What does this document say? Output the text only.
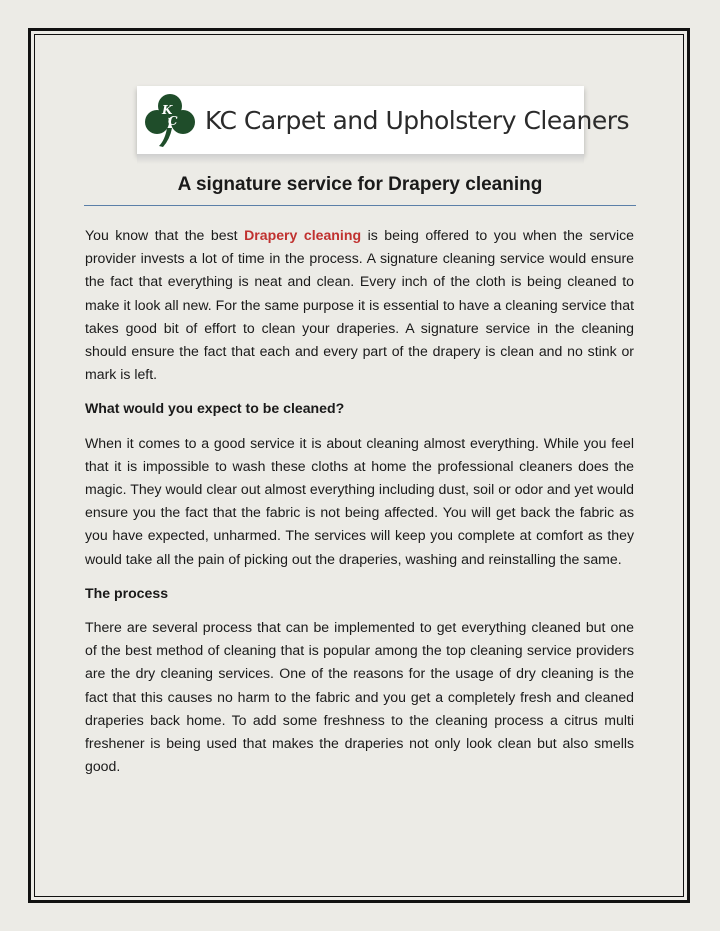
K
C KC Carpet and Upholstery Cleaners
A signature service for Drapery cleaning

You know that the best Drapery cleaning is being offered to you when the service provider invests a lot of time in the process. A signature cleaning service would ensure the fact that everything is neat and clean. Every inch of the cloth is being cleaned to make it look all new. For the same purpose it is essential to have a cleaning service that takes good bit of effort to clean your draperies. A signature service in the cleaning should ensure the fact that each and every part of the drapery is clean and no stink or mark is left.

What would you expect to be cleaned?

When it comes to a good service it is about cleaning almost everything. While you feel that it is impossible to wash these cloths at home the professional cleaners does the magic. They would clear out almost everything including dust, soil or odor and yet would ensure you the fact that the fabric is not being affected. You will get back the fabric as you have expected, unharmed. The services will keep you complete at comfort as they would take all the pain of picking out the draperies, washing and reinstalling the same.

The process

There are several process that can be implemented to get everything cleaned but one of the best method of cleaning that is popular among the top cleaning service providers are the dry cleaning services. One of the reasons for the usage of dry cleaning is the fact that this causes no harm to the fabric and you get a completely fresh and cleaned draperies back home. To add some freshness to the cleaning process a citrus multi freshener is being used that makes the draperies not only look clean but also smells good.
